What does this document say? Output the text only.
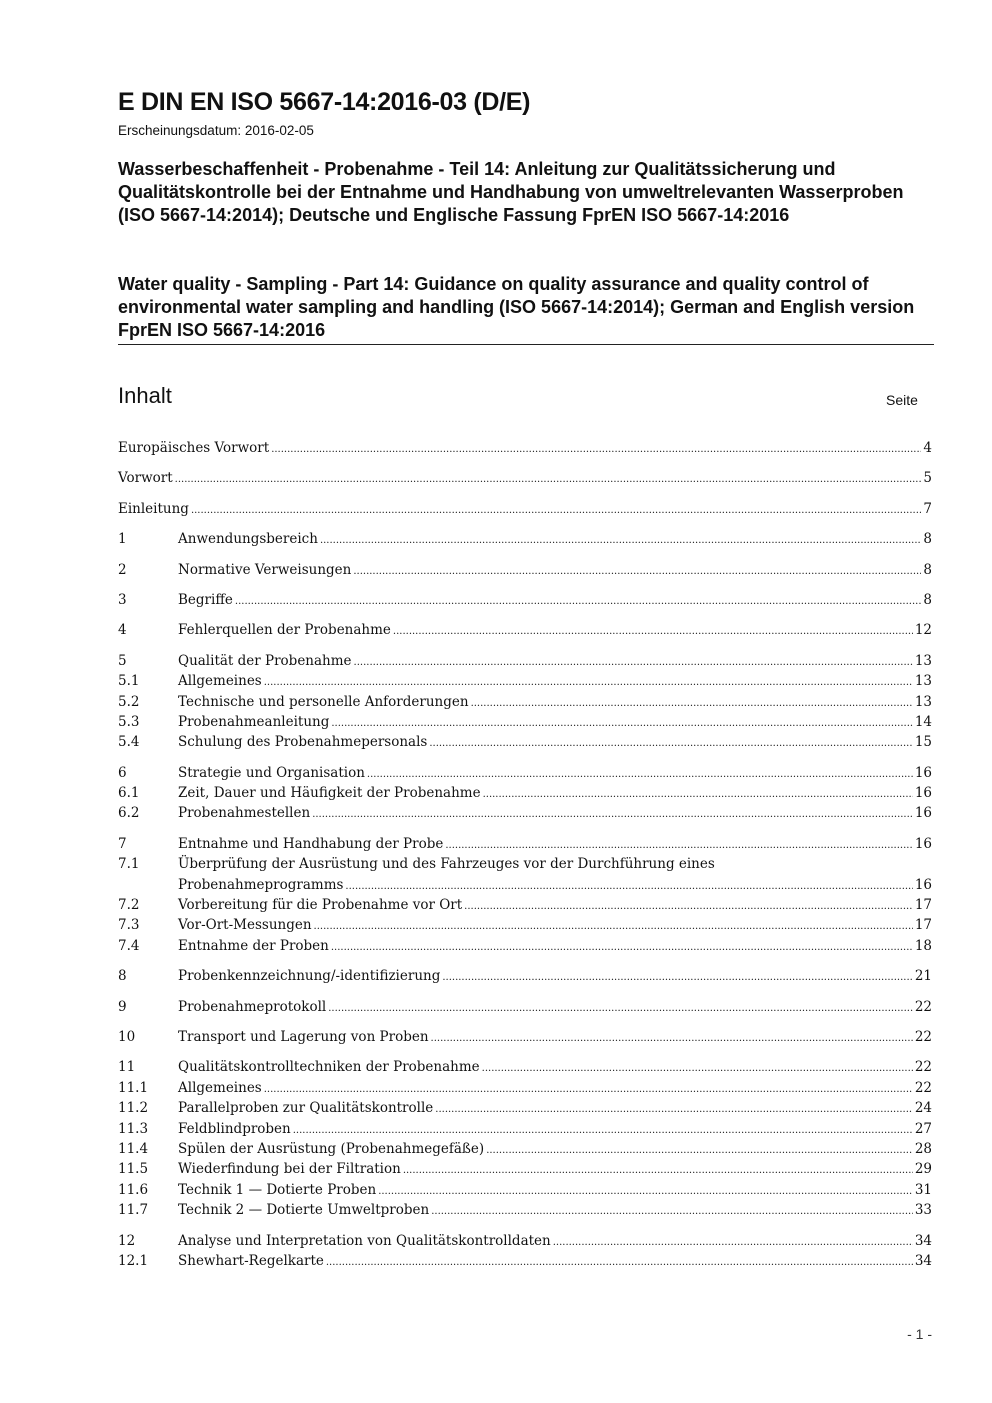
E DIN EN ISO 5667-14:2016-03 (D/E)
Erscheinungsdatum: 2016-02-05

Wasserbeschaffenheit - Probenahme - Teil 14: Anleitung zur Qualitätssicherung und Qualitätskontrolle bei der Entnahme und Handhabung von umweltrelevanten Wasserproben (ISO 5667-14:2014); Deutsche und Englische Fassung FprEN ISO 5667-14:2016

Water quality - Sampling - Part 14: Guidance on quality assurance and quality control of environmental water sampling and handling (ISO 5667-14:2014); German and English version FprEN ISO 5667-14:2016

Inhalt	Seite
Europäisches Vorwort .....	4
Vorwort .....	5
Einleitung .....	7
1	Anwendungsbereich .....	8
2	Normative Verweisungen .....	8
3	Begriffe .....	8
4	Fehlerquellen der Probenahme .....	12
5	Qualität der Probenahme .....	13
5.1	Allgemeines .....	13
5.2	Technische und personelle Anforderungen .....	13
5.3	Probenahmeanleitung .....	14
5.4	Schulung des Probenahmepersonals .....	15
6	Strategie und Organisation .....	16
6.1	Zeit, Dauer und Häufigkeit der Probenahme .....	16
6.2	Probenahmestellen .....	16
7	Entnahme und Handhabung der Probe .....	16
7.1	Überprüfung der Ausrüstung und des Fahrzeuges vor der Durchführung eines
Probenahmeprogramms .....	16
7.2	Vorbereitung für die Probenahme vor Ort .....	17
7.3	Vor-Ort-Messungen .....	17
7.4	Entnahme der Proben .....	18
8	Probenkennzeichnung/-identifizierung .....	21
9	Probenahmeprotokoll .....	22
10	Transport und Lagerung von Proben .....	22
11	Qualitätskontrolltechniken der Probenahme .....	22
11.1	Allgemeines .....	22
11.2	Parallelproben zur Qualitätskontrolle .....	24
11.3	Feldblindproben .....	27
11.4	Spülen der Ausrüstung (Probenahmegefäße) .....	28
11.5	Wiederfindung bei der Filtration .....	29
11.6	Technik 1 — Dotierte Proben .....	31
11.7	Technik 2 — Dotierte Umweltproben .....	33
12	Analyse und Interpretation von Qualitätskontrolldaten .....	34
12.1	Shewhart-Regelkarte .....	34
- 1 -
